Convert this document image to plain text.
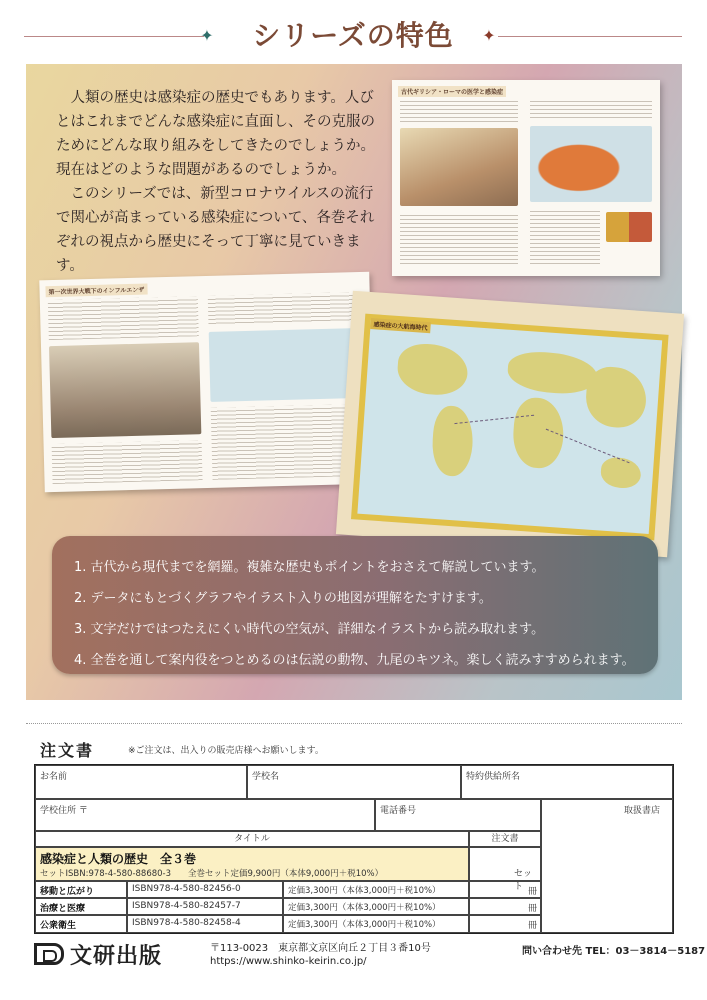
✦	シリーズの特色	✦

人類の歴史は感染症の歴史でもあります。人びとはこれまでどんな感染症に直面し、その克服のためにどんな取り組みをしてきたのでしょうか。現在はどのような問題があるのでしょうか。

このシリーズでは、新型コロナウイルスの流行で関心が高まっている感染症について、各巻それぞれの視点から歴史にそって丁寧に見ていきます。

古代ギリシア・ローマの医学と感染症
第一次世界大戦下のインフルエンザ
感染症の大航海時代
1. 古代から現代までを網羅。複雑な歴史もポイントをおさえて解説しています。
2. データにもとづくグラフやイラスト入りの地図が理解をたすけます。
3. 文字だけではつたえにくい時代の空気が、詳細なイラストから読み取れます。
4. 全巻を通して案内役をつとめるのは伝説の動物、九尾のキツネ。楽しく読みすすめられます。
注文書	※ご注文は、出入りの販売店様へお願いします。
お名前	学校名	特約供給所名
学校住所 〒	電話番号	取扱書店
タイトル	注文書
感染症と人類の歴史　全３巻
セットISBN:978-4-580-88680-3　　全巻セット定価9,900円（本体9,000円＋税10%）	セット
移動と広がり	ISBN978-4-580-82456-0	定価3,300円（本体3,000円＋税10%）	冊
治療と医療	ISBN978-4-580-82457-7	定価3,300円（本体3,000円＋税10%）	冊
公衆衛生	ISBN978-4-580-82458-4	定価3,300円（本体3,000円＋税10%）	冊
文研出版	〒113-0023　東京都文京区向丘２丁目３番10号
https://www.shinko-keirin.co.jp/
問い合わせ先 TEL：03－3814－5187
